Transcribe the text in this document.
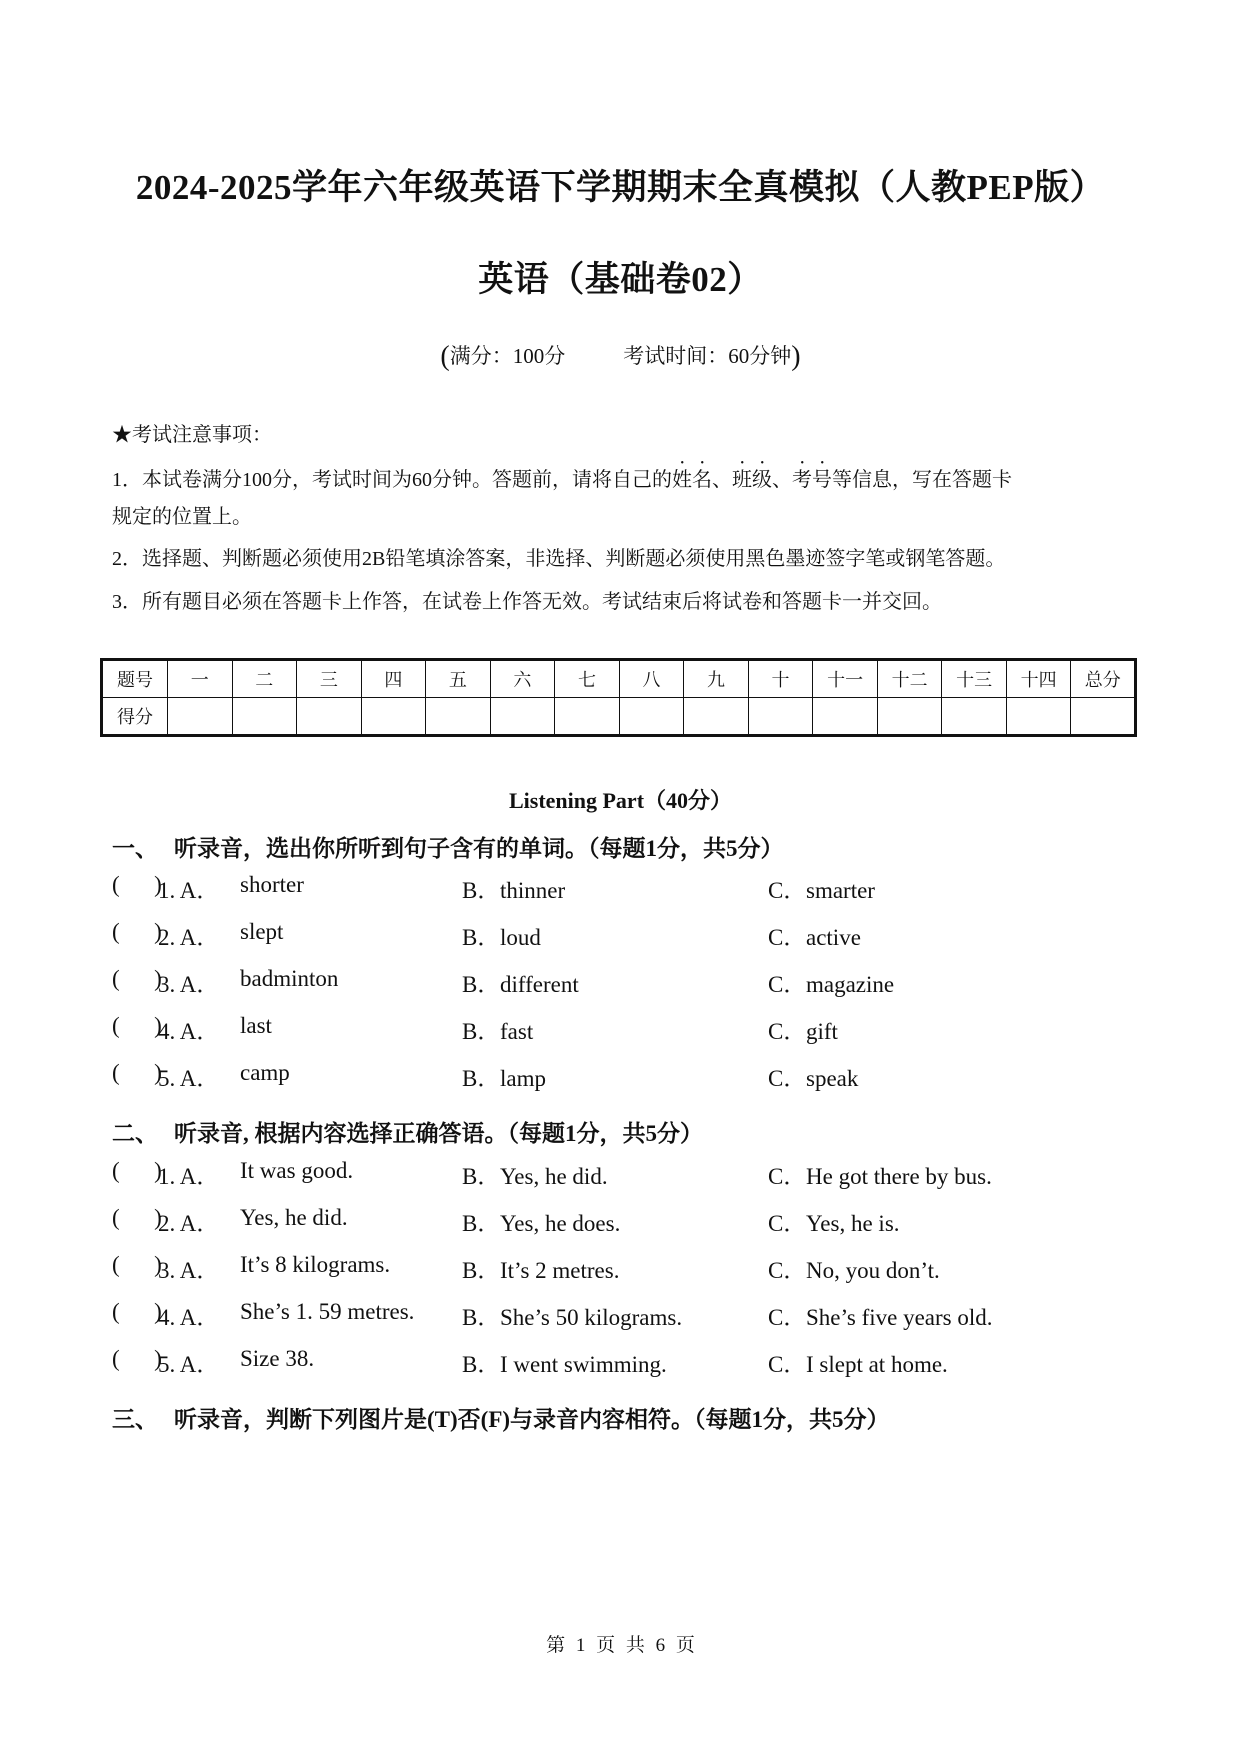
2024-2025学年六年级英语下学期期末全真模拟（人教PEP版）
英语（基础卷02）
(满分：100分	考试时间：60分钟)
★考试注意事项：
1．本试卷满分100分，考试时间为60分钟。答题前，请将自己的姓名、班级、考号等信息，写在答题卡
规定的位置上。
2．选择题、判断题必须使用2B铅笔填涂答案，非选择、判断题必须使用黑色墨迹签字笔或钢笔答题。
3．所有题目必须在答题卡上作答，在试卷上作答无效。考试结束后将试卷和答题卡一并交回。
题号	一	二	三	四	五	六	七	八	九	十	十一	十二	十三	十四	总分
得分															
Listening Part（40分）
一、 听录音，选出你所听到句子含有的单词。（每题1分，共5分）
(      )
1. A． shorter	B．thinner	C．smarter
(      )
2. A． slept	B．loud	C．active
(      )
3. A． badminton	B．different	C．magazine
(      )
4. A． last	B．fast	C．gift
(      )
5. A． camp	B．lamp	C．speak
二、 听录音, 根据内容选择正确答语。（每题1分，共5分）
(      )
1. A． It was good.	B．Yes, he did.	C．He got there by bus.
(      )
2. A． Yes, he did.	B．Yes, he does.	C．Yes, he is.
(      )
3. A． It’s 8 kilograms.	B．It’s 2 metres.	C．No, you don’t.
(      )
4. A． She’s 1. 59 metres. B．She’s 50 kilograms.	C．She’s five years old.
(      )
5. A． Size 38.	B．I went swimming.	C．I slept at home.
三、 听录音，判断下列图片是(T)否(F)与录音内容相符。（每题1分，共5分）
第 1 页 共 6 页
